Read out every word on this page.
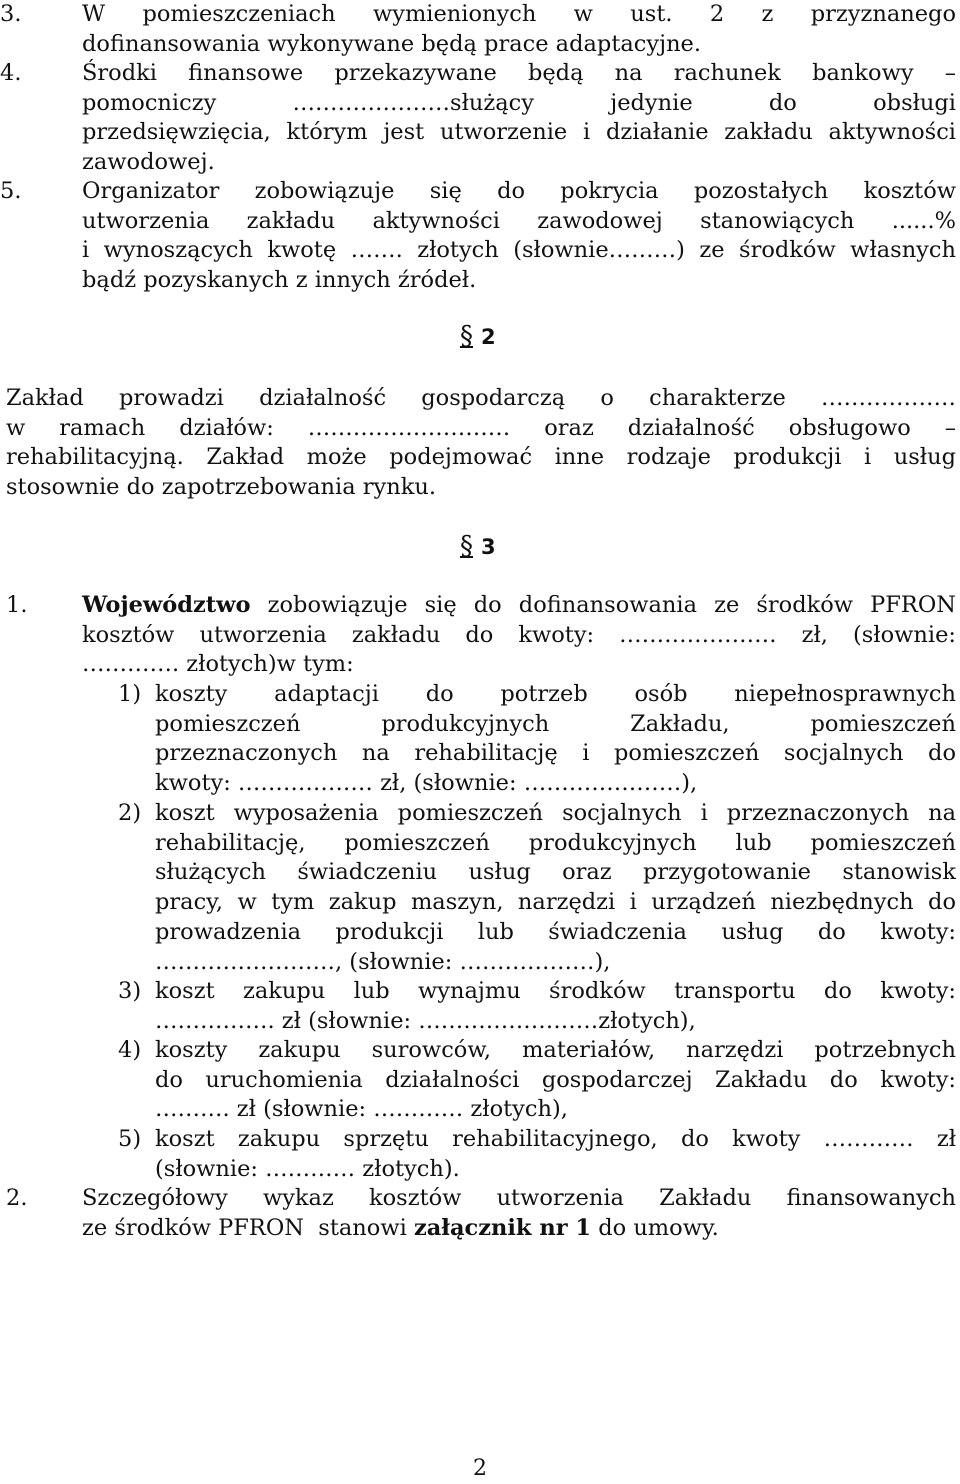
3.	W pomieszczeniach wymienionych w ust. 2 z przyznanego
dofinansowania wykonywane będą prace adaptacyjne.
4.	Środki finansowe przekazywane będą na rachunek bankowy –
pomocniczy …………………służący jedynie do obsługi
przedsięwzięcia, którym jest utworzenie i działanie zakładu aktywności
zawodowej.
5.	Organizator zobowiązuje się do pokrycia pozostałych kosztów
utworzenia zakładu aktywności zawodowej stanowiących ......%
i wynoszących kwotę ……. złotych (słownie………) ze środków własnych
bądź pozyskanych z innych źródeł.
§ 2
Zakład prowadzi działalność gospodarczą o charakterze ………………
w ramach działów: ……………………… oraz działalność obsługowo –
rehabilitacyjną. Zakład może podejmować inne rodzaje produkcji i usług
stosownie do zapotrzebowania rynku.
§ 3
1. Województwo zobowiązuje się do dofinansowania ze środków PFRON
kosztów utworzenia zakładu do kwoty: ………………… zł, (słownie:
…………. złotych)w tym:
1) koszty adaptacji do potrzeb osób niepełnosprawnych
pomieszczeń produkcyjnych Zakładu, pomieszczeń
przeznaczonych na rehabilitację i pomieszczeń socjalnych do
kwoty: ……………… zł, (słownie: …………………),
2) koszt wyposażenia pomieszczeń socjalnych i przeznaczonych na
rehabilitację, pomieszczeń produkcyjnych lub pomieszczeń
służących świadczeniu usług oraz przygotowanie stanowisk
pracy, w tym zakup maszyn, narzędzi i urządzeń niezbędnych do
prowadzenia produkcji lub świadczenia usług do kwoty:
……………………, (słownie: ………………),
3) koszt zakupu lub wynajmu środków transportu do kwoty:
……………. zł (słownie: ……………………złotych),
4) koszty zakupu surowców, materiałów, narzędzi potrzebnych
do uruchomienia działalności gospodarczej Zakładu do kwoty:
………. zł (słownie: ………… złotych),
5) koszt zakupu sprzętu rehabilitacyjnego, do kwoty ………… zł
(słownie: ………… złotych).
2. Szczegółowy wykaz kosztów utworzenia Zakładu finansowanych
ze środków PFRON  stanowi załącznik nr 1 do umowy.
2
